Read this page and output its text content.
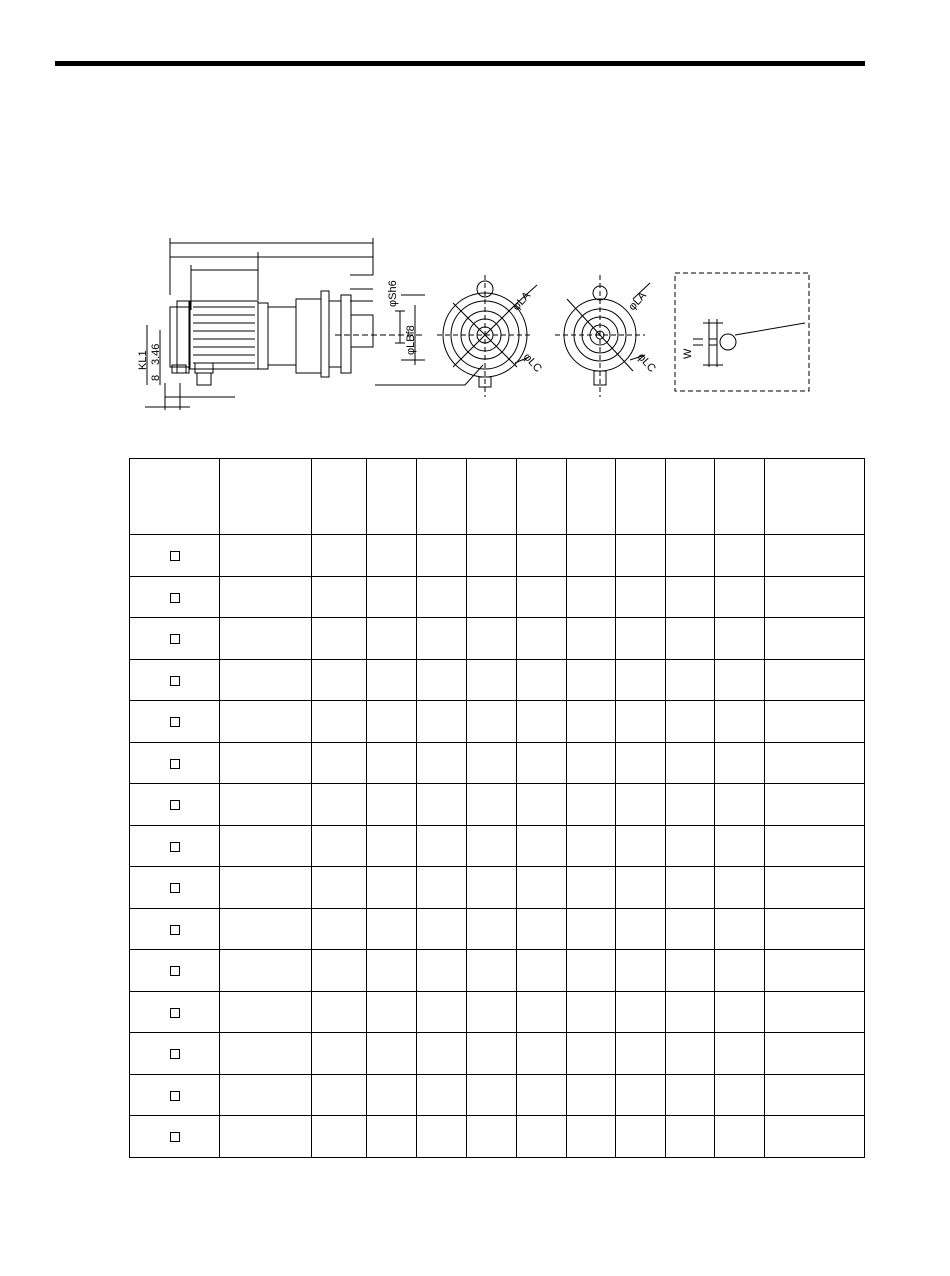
φSh6
φLBf8
KL1 3.46
8
φLA
φLC
φLA
φLC W
